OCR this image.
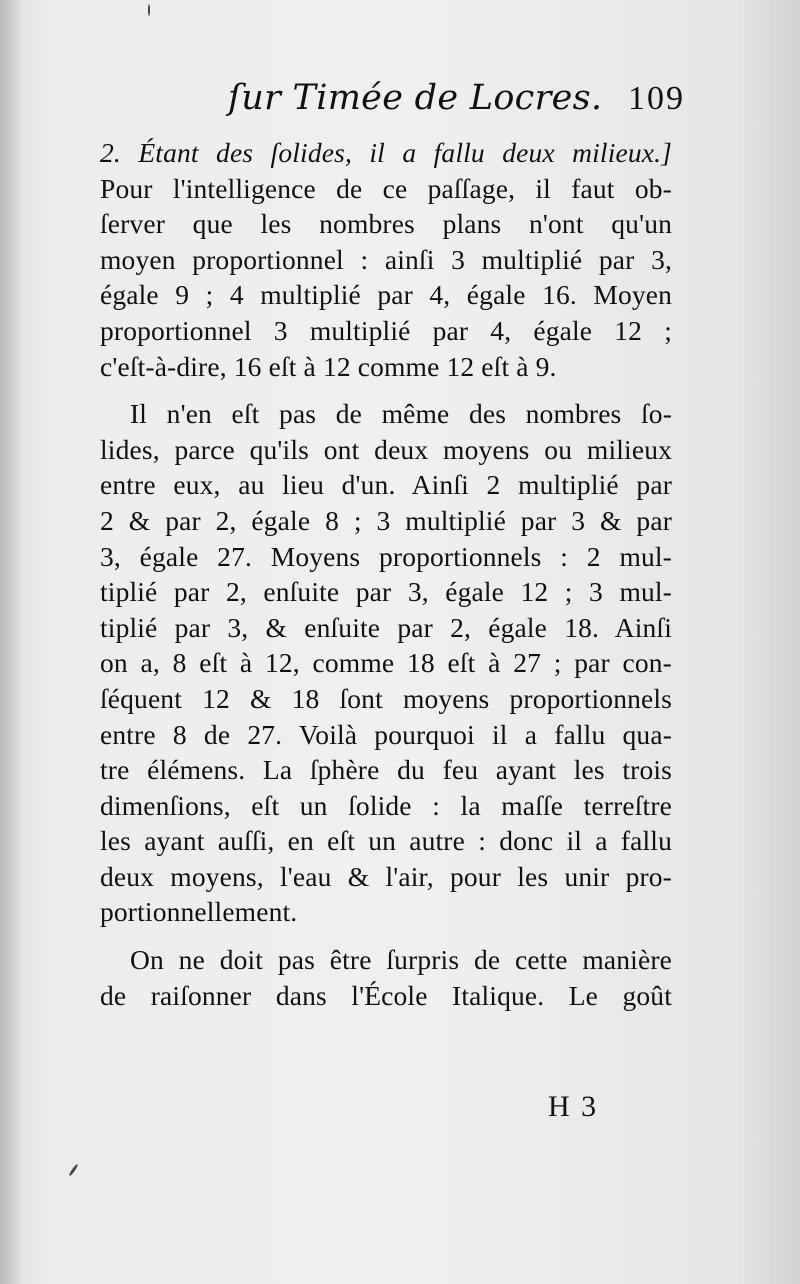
ſur Timée de Locres. 109
2. Étant des ſolides, il a fallu deux milieux.]
Pour l'intelligence de ce paſſage, il faut ob-
ſerver que les nombres plans n'ont qu'un
moyen proportionnel : ainſi 3 multiplié par 3,
égale 9 ; 4 multiplié par 4, égale 16. Moyen
proportionnel 3 multiplié par 4, égale 12 ;
c'eſt-à-dire, 16 eſt à 12 comme 12 eſt à 9.
Il n'en eſt pas de même des nombres ſo-
lides, parce qu'ils ont deux moyens ou milieux
entre eux, au lieu d'un. Ainſi 2 multiplié par
2 & par 2, égale 8 ; 3 multiplié par 3 & par
3, égale 27. Moyens proportionnels : 2 mul-
tiplié par 2, enſuite par 3, égale 12 ; 3 mul-
tiplié par 3, & enſuite par 2, égale 18. Ainſi
on a, 8 eſt à 12, comme 18 eſt à 27 ; par con-
ſéquent 12 & 18 ſont moyens proportionnels
entre 8 de 27. Voilà pourquoi il a fallu qua-
tre élémens. La ſphère du feu ayant les trois
dimenſions, eſt un ſolide : la maſſe terreſtre
les ayant auſſi, en eſt un autre : donc il a fallu
deux moyens, l'eau & l'air, pour les unir pro-
portionnellement.
On ne doit pas être ſurpris de cette manière
de raiſonner dans l'École Italique. Le goût
H 3
